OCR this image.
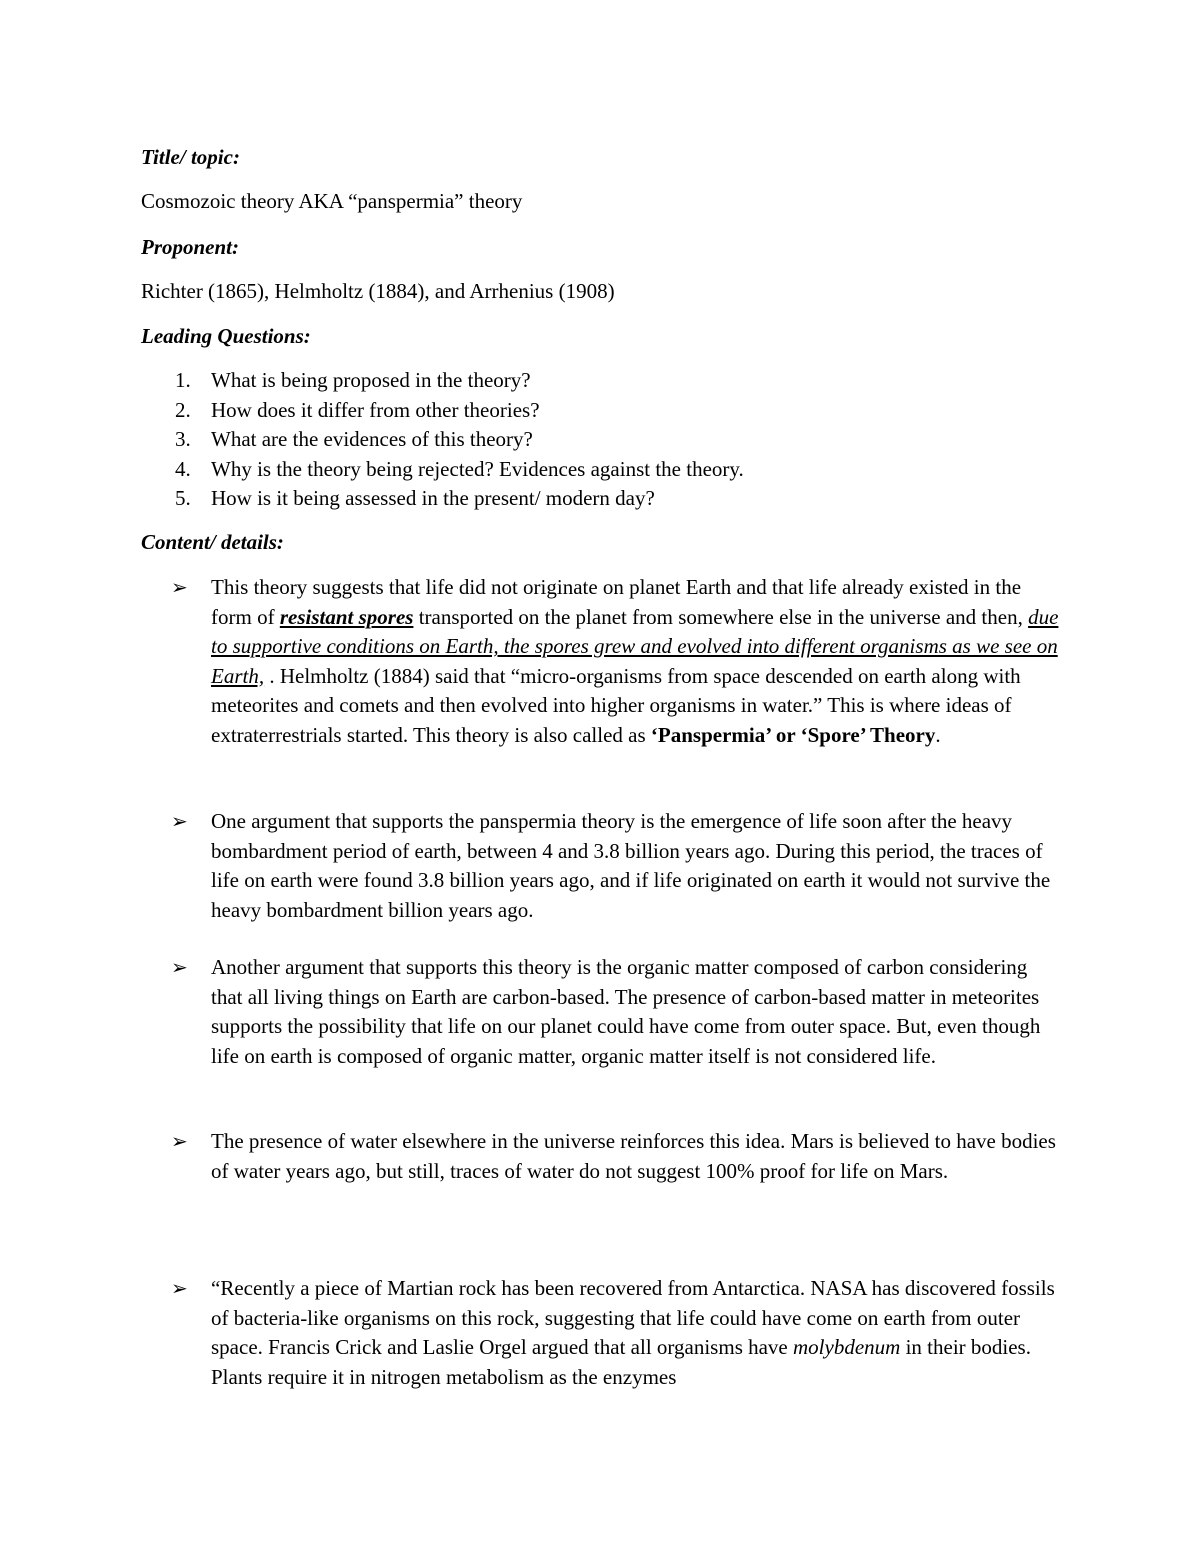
Title/ topic:

Cosmozoic theory AKA “panspermia” theory

Proponent:

Richter (1865), Helmholtz (1884), and Arrhenius (1908)

Leading Questions:

1. What is being proposed in the theory?
2. How does it differ from other theories?
3. What are the evidences of this theory?
4. Why is the theory being rejected? Evidences against the theory.
5. How is it being assessed in the present/ modern day?

Content/ details:

➢ This theory suggests that life did not originate on planet Earth and that life already existed in the form of resistant spores transported on the planet from somewhere else in the universe and then, due to supportive conditions on Earth, the spores grew and evolved into different organisms as we see on Earth, . Helmholtz (1884) said that “micro-organisms from space descended on earth along with meteorites and comets and then evolved into higher organisms in water.” This is where ideas of extraterrestrials started. This theory is also called as ‘Panspermia’ or ‘Spore’ Theory.
➢ One argument that supports the panspermia theory is the emergence of life soon after the heavy bombardment period of earth, between 4 and 3.8 billion years ago. During this period, the traces of life on earth were found 3.8 billion years ago, and if life originated on earth it would not survive the heavy bombardment billion years ago.
➢ Another argument that supports this theory is the organic matter composed of carbon considering that all living things on Earth are carbon-based. The presence of carbon-based matter in meteorites supports the possibility that life on our planet could have come from outer space. But, even though life on earth is composed of organic matter, organic matter itself is not considered life.
➢ The presence of water elsewhere in the universe reinforces this idea. Mars is believed to have bodies of water years ago, but still, traces of water do not suggest 100% proof for life on Mars.
➢ “Recently a piece of Martian rock has been recovered from Antarctica. NASA has discovered fossils of bacteria-like organisms on this rock, suggesting that life could have come on earth from outer space. Francis Crick and Laslie Orgel argued that all organisms have molybdenum in their bodies. Plants require it in nitrogen metabolism as the enzymes
